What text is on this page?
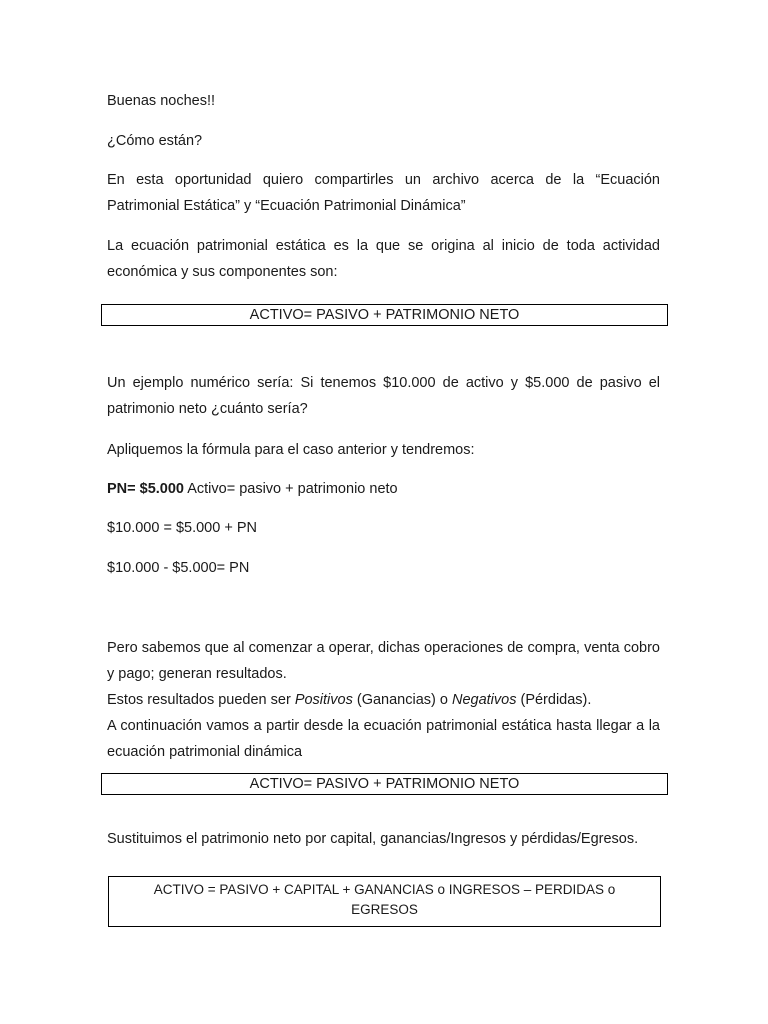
Buenas noches!!

¿Cómo están?

En esta oportunidad quiero compartirles un archivo acerca de la “Ecuación Patrimonial Estática” y “Ecuación Patrimonial Dinámica”

La ecuación patrimonial estática es la que se origina al inicio de toda actividad económica y sus componentes son:

ACTIVO= PASIVO + PATRIMONIO NETO

Un ejemplo numérico sería: Si tenemos $10.000 de activo y $5.000 de pasivo el patrimonio neto ¿cuánto sería?

Apliquemos la fórmula para el caso anterior y tendremos:

PN= $5.000 Activo= pasivo + patrimonio neto

$10.000 = $5.000 + PN

$10.000 - $5.000= PN

Pero sabemos que al comenzar a operar, dichas operaciones de compra, venta cobro y pago; generan resultados.

Estos resultados pueden ser Positivos (Ganancias) o Negativos (Pérdidas).

A continuación vamos a partir desde la ecuación patrimonial estática hasta llegar a la ecuación patrimonial dinámica

ACTIVO= PASIVO + PATRIMONIO NETO

Sustituimos el patrimonio neto por capital, ganancias/Ingresos y pérdidas/Egresos.

ACTIVO = PASIVO + CAPITAL + GANANCIAS o INGRESOS – PERDIDAS o EGRESOS
